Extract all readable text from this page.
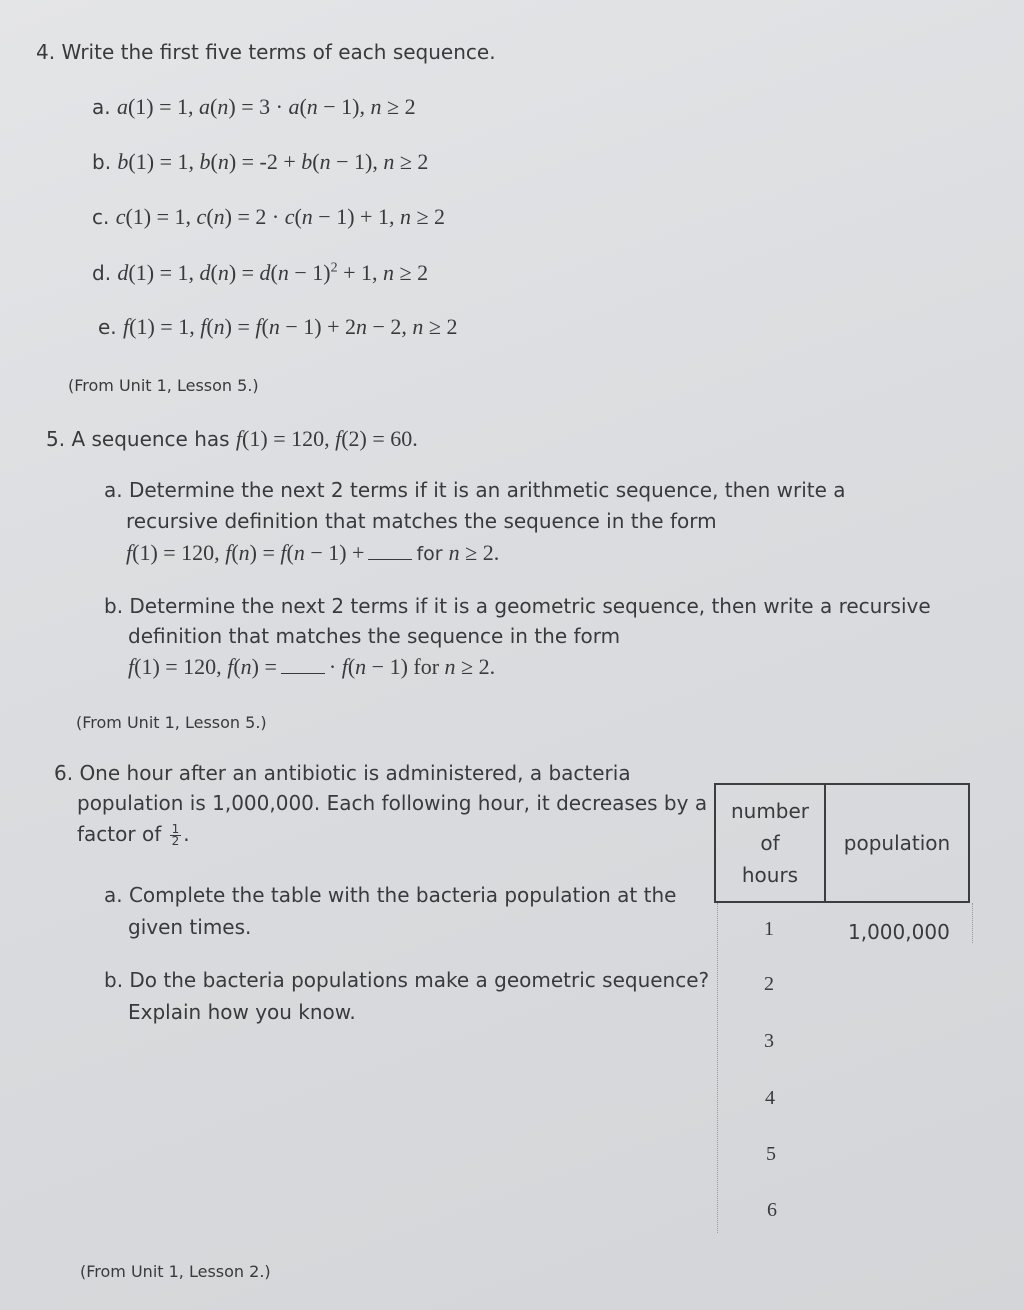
4. Write the first five terms of each sequence.
a. a(1) = 1, a(n) = 3 · a(n − 1), n ≥ 2
b. b(1) = 1, b(n) = -2 + b(n − 1), n ≥ 2
c. c(1) = 1, c(n) = 2 · c(n − 1) + 1, n ≥ 2
d. d(1) = 1, $d(n) = d(n - 1)^2 + 1$, n ≥ 2
e. f(1) = 1, f(n) = f(n − 1) + 2n − 2, n ≥ 2
(From Unit 1, Lesson 5.)
5. A sequence has f(1) = 120, f(2) = 60.
a. Determine the next 2 terms if it is an arithmetic sequence, then write a
recursive definition that matches the sequence in the form
f(1) = 120, f(n) = f(n − 1) +	for n ≥ 2.
b. Determine the next 2 terms if it is a geometric sequence, then write a recursive
definition that matches the sequence in the form
f(1) = 120, f(n) = · f(n − 1) for n ≥ 2.
(From Unit 1, Lesson 5.)
6. One hour after an antibiotic is administered, a bacteria
population is 1,000,000. Each following hour, it decreases by a
factor of $\frac{1}{2}$ .
a. Complete the table with the bacteria population at the
given times.
b. Do the bacteria populations make a geometric sequence?
Explain how you know.
(From Unit 1, Lesson 2.)
number
of
hours
population
1
2
3
4
5
6
1,000,000
